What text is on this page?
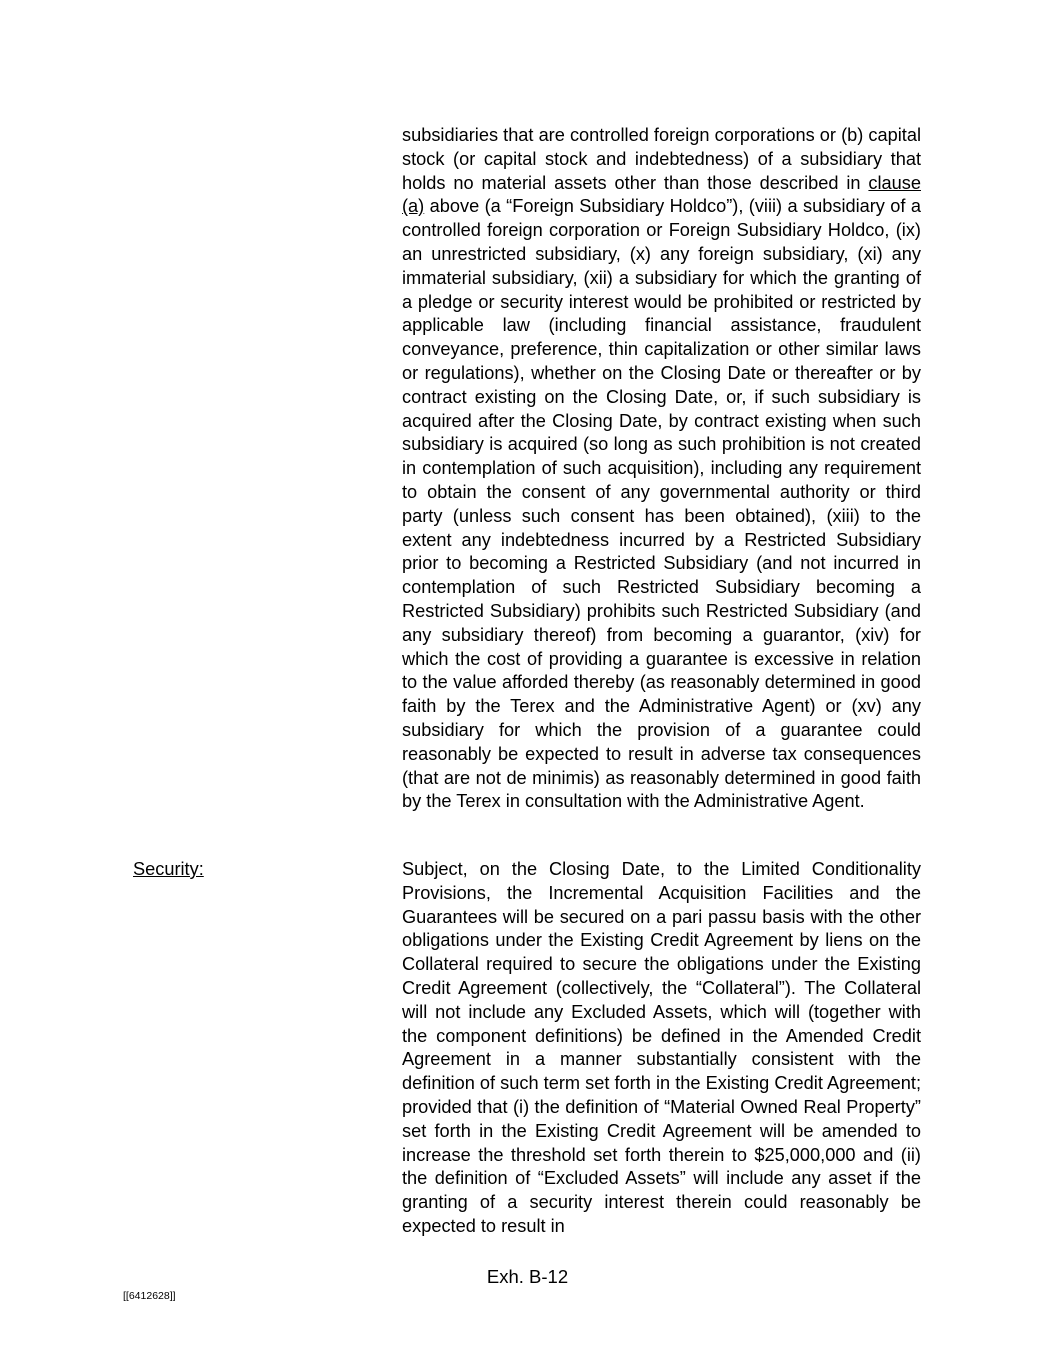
subsidiaries that are controlled foreign corporations or (b) capital stock (or capital stock and indebtedness) of a subsidiary that holds no material assets other than those described in clause (a) above (a “Foreign Subsidiary Holdco”), (viii) a subsidiary of a controlled foreign corporation or Foreign Subsidiary Holdco, (ix) an unrestricted subsidiary, (x) any foreign subsidiary, (xi) any immaterial subsidiary, (xii) a subsidiary for which the granting of a pledge or security interest would be prohibited or restricted by applicable law (including financial assistance, fraudulent conveyance, preference, thin capitalization or other similar laws or regulations), whether on the Closing Date or thereafter or by contract existing on the Closing Date, or, if such subsidiary is acquired after the Closing Date, by contract existing when such subsidiary is acquired (so long as such prohibition is not created in contemplation of such acquisition), including any requirement to obtain the consent of any governmental authority or third party (unless such consent has been obtained), (xiii) to the extent any indebtedness incurred by a Restricted Subsidiary prior to becoming a Restricted Subsidiary (and not incurred in contemplation of such Restricted Subsidiary becoming a Restricted Subsidiary) prohibits such Restricted Subsidiary (and any subsidiary thereof) from becoming a guarantor, (xiv) for which the cost of providing a guarantee is excessive in relation to the value afforded thereby (as reasonably determined in good faith by the Terex and the Administrative Agent) or (xv) any subsidiary for which the provision of a guarantee could reasonably be expected to result in adverse tax consequences (that are not de minimis) as reasonably determined in good faith by the Terex in consultation with the Administrative Agent.

Security:	Subject, on the Closing Date, to the Limited Conditionality Provisions, the Incremental Acquisition Facilities and the Guarantees will be secured on a pari passu basis with the other obligations under the Existing Credit Agreement by liens on the Collateral required to secure the obligations under the Existing Credit Agreement (collectively, the “Collateral”). The Collateral will not include any Excluded Assets, which will (together with the component definitions) be defined in the Amended Credit Agreement in a manner substantially consistent with the definition of such term set forth in the Existing Credit Agreement; provided that (i) the definition of “Material Owned Real Property” set forth in the Existing Credit Agreement will be amended to increase the threshold set forth therein to $25,000,000 and (ii) the definition of “Excluded Assets” will include any asset if the granting of a security interest therein could reasonably be expected to result in

Exh. B-12

[[6412628]]
